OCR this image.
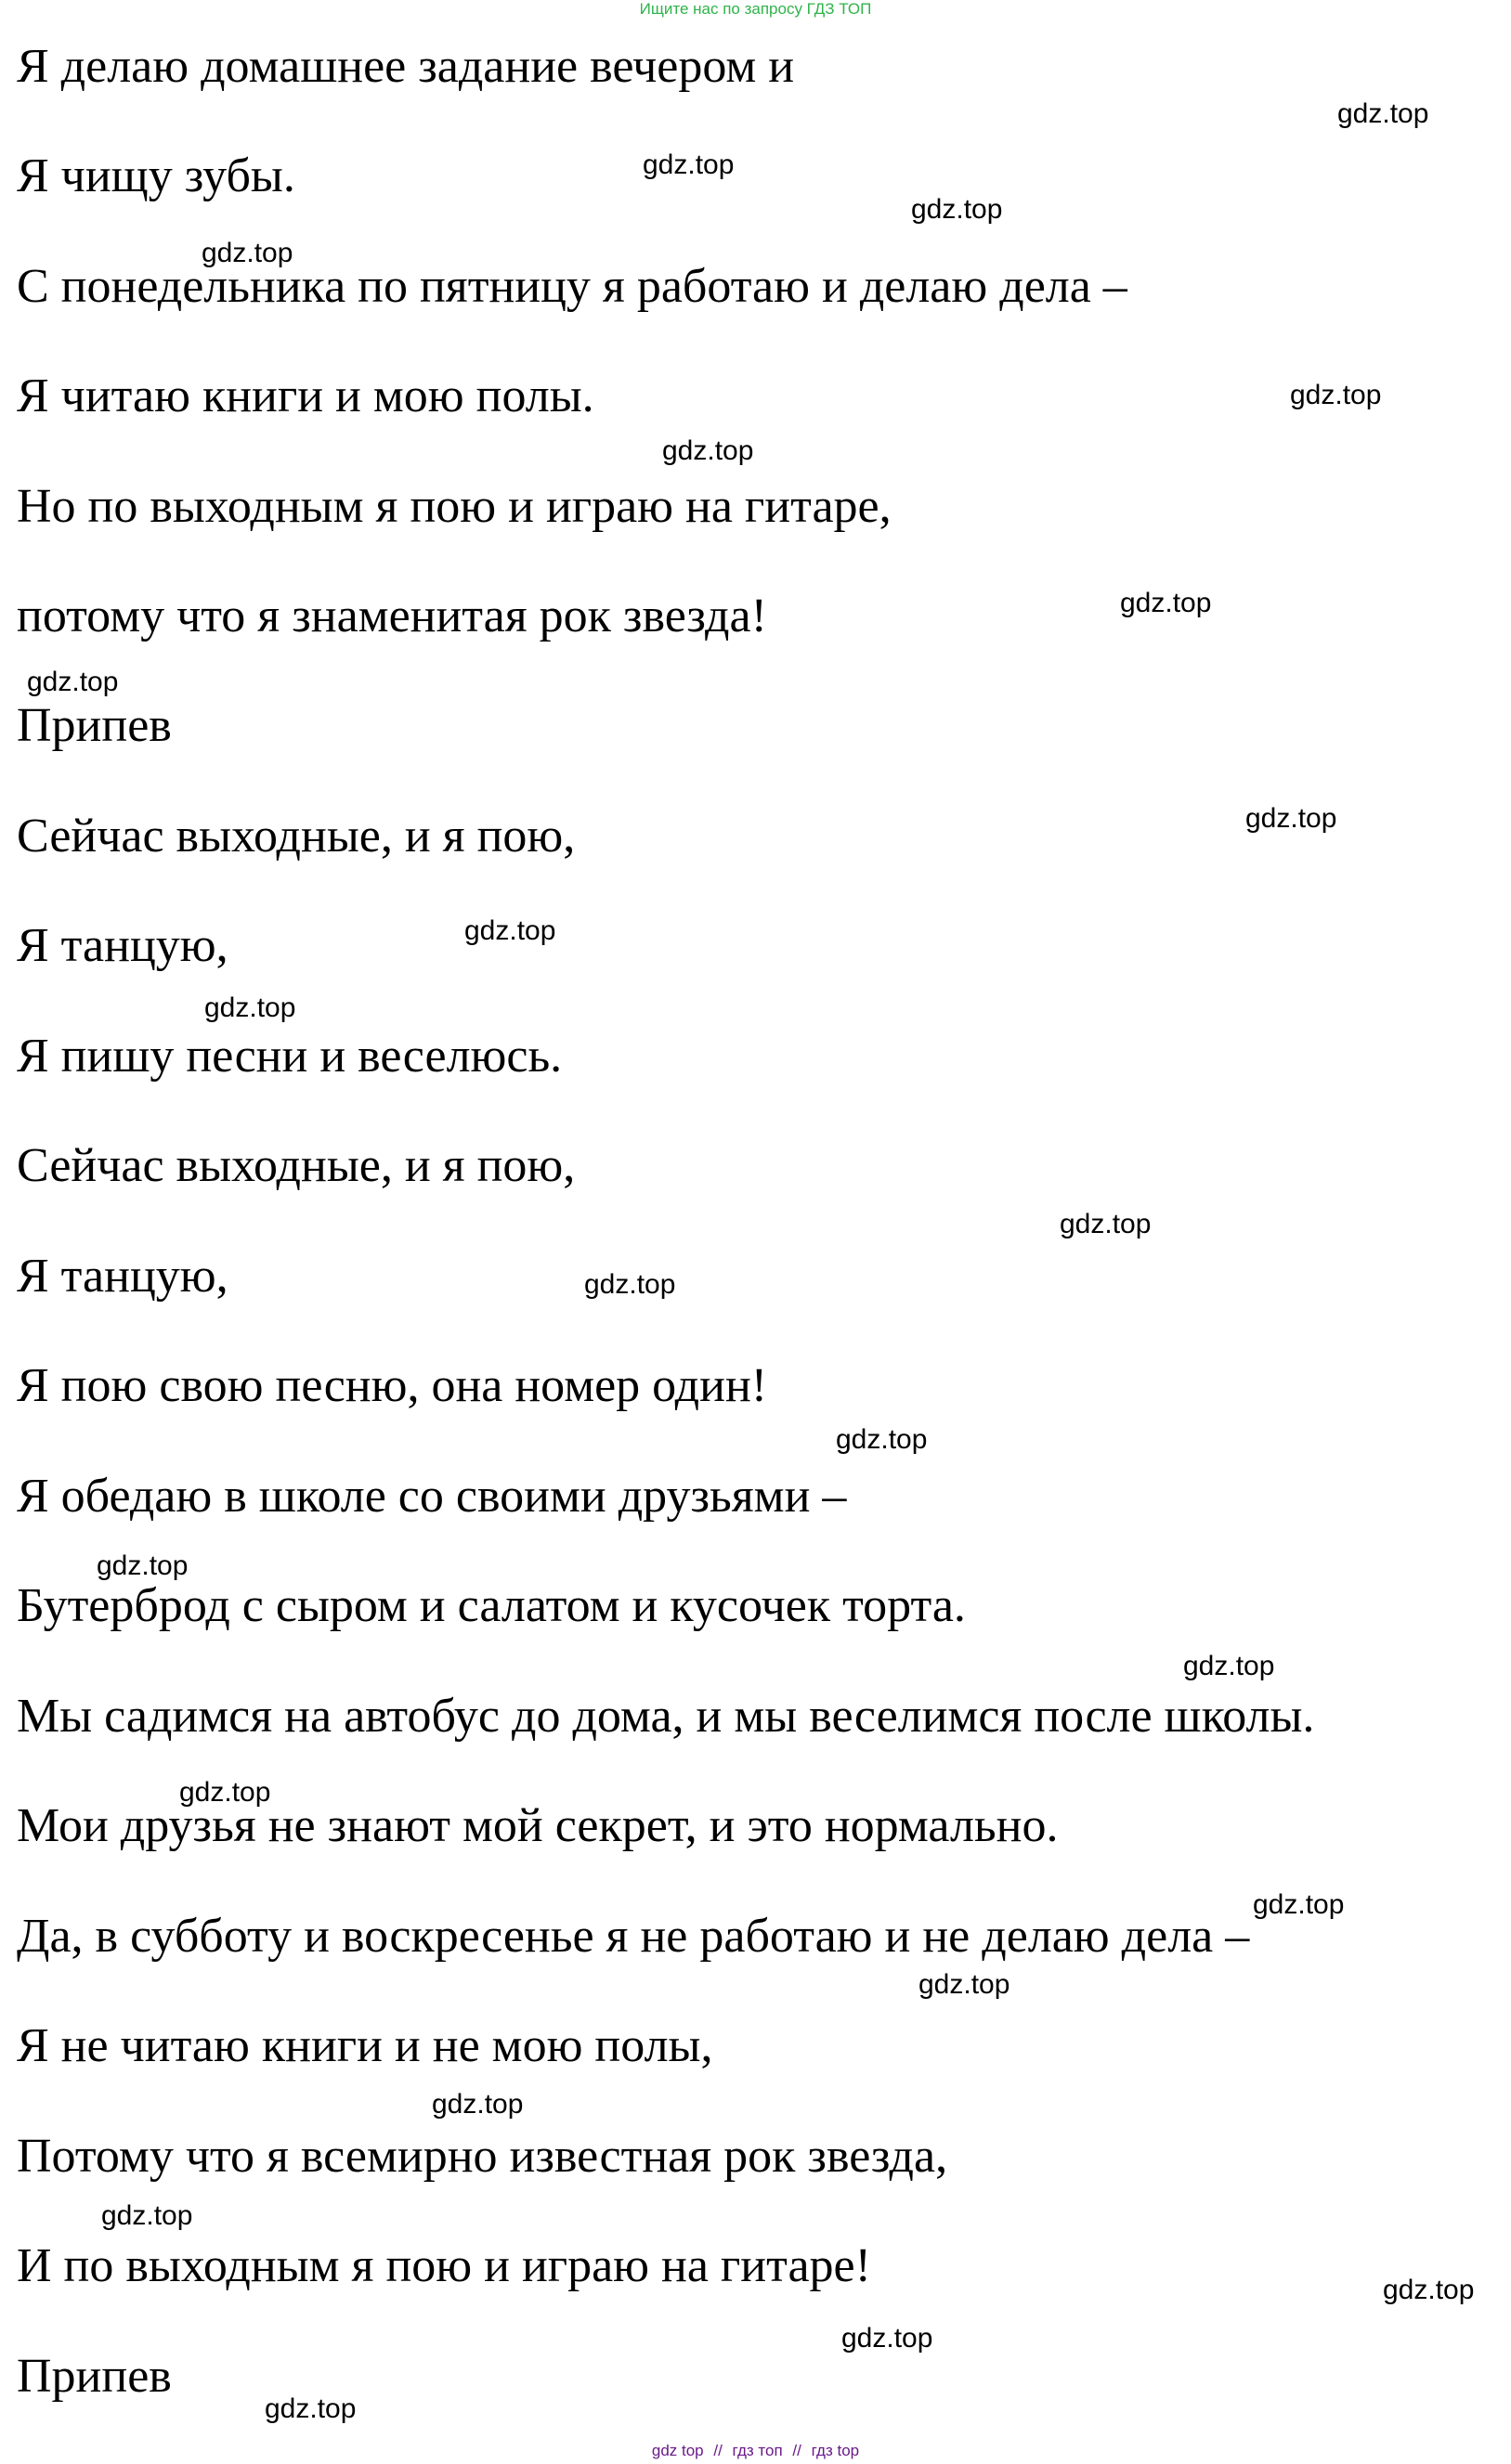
Ищите нас по запросу ГДЗ ТОП
Я делаю домашнее задание вечером и
Я чищу зубы.
С понедельника по пятницу я работаю и делаю дела –
Я читаю книги и мою полы.
Но по выходным я пою и играю на гитаре,
потому что я знаменитая рок звезда!
Припев
Сейчас выходные, и я пою,
Я танцую,
Я пишу песни и веселюсь.
Сейчас выходные, и я пою,
Я танцую,
Я пою свою песню, она номер один!
Я обедаю в школе со своими друзьями –
Бутерброд с сыром и салатом и кусочек торта.
Мы садимся на автобус до дома, и мы веселимся после школы.
Мои друзья не знают мой секрет, и это нормально.
Да, в субботу и воскресенье я не работаю и не делаю дела –
Я не читаю книги и не мою полы,
Потому что я всемирно известная рок звезда,
И по выходным я пою и играю на гитаре!
Припев
gdz.top
gdz.top
gdz.top
gdz.top
gdz.top
gdz.top
gdz.top
gdz.top
gdz.top
gdz.top
gdz.top
gdz.top
gdz.top
gdz.top
gdz.top
gdz.top
gdz.top
gdz.top
gdz.top
gdz.top
gdz.top
gdz.top
gdz.top
gdz.top
gdz top // гдз топ // гдз top
